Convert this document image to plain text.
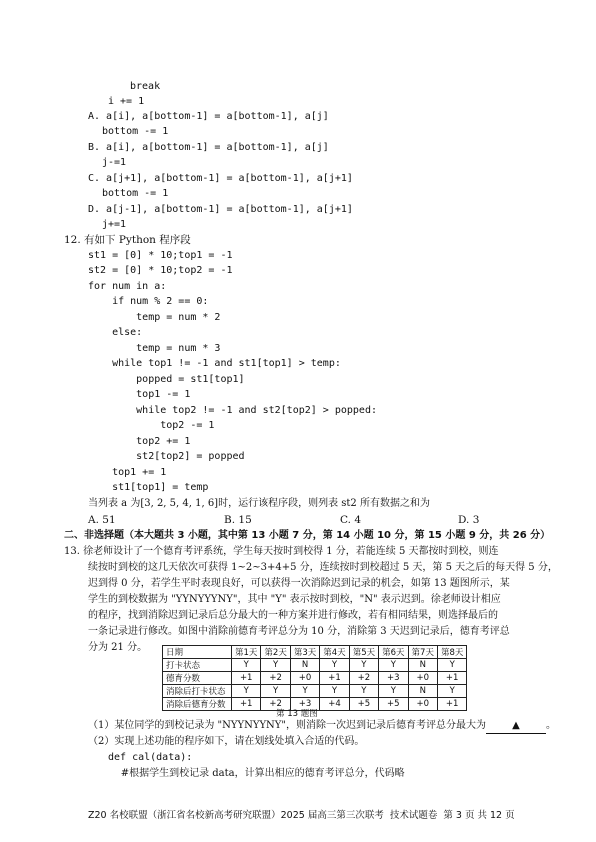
break
i += 1
A. a[i], a[bottom-1] = a[bottom-1], a[j]
bottom -= 1
B. a[i], a[bottom-1] = a[bottom-1], a[j]
j-=1
C. a[j+1], a[bottom-1] = a[bottom-1], a[j+1]
bottom -= 1
D. a[j-1], a[bottom-1] = a[bottom-1], a[j+1]
j+=1
12. 有如下 Python 程序段
st1 = [0] * 10;top1 = -1
st2 = [0] * 10;top2 = -1
for num in a:
if num % 2 == 0:
temp = num * 2
else:
temp = num * 3
while top1 != -1 and st1[top1] > temp:
popped = st1[top1]
top1 -= 1
while top2 != -1 and st2[top2] > popped:
top2 -= 1
top2 += 1
st2[top2] = popped
top1 += 1
st1[top1] = temp
当列表 a 为[3, 2, 5, 4, 1, 6]时，运行该程序段，则列表 st2 所有数据之和为
A. 51	B. 15	C. 4	D. 3
二、非选择题（本大题共 3 小题，其中第 13 小题 7 分，第 14 小题 10 分，第 15 小题 9 分，共 26 分）
13. 徐老师设计了一个德育考评系统，学生每天按时到校得 1 分，若能连续 5 天都按时到校，则连
续按时到校的这几天依次可获得 1~2~3+4+5 分，连续按时到校超过 5 天，第 5 天之后的每天得 5 分，
迟到得 0 分，若学生平时表现良好，可以获得一次消除迟到记录的机会，如第 13 题图所示，某
学生的到校数据为 "YYNYYYNY"，其中 "Y" 表示按时到校，"N" 表示迟到。徐老师设计相应
的程序，找到消除迟到记录后总分最大的一种方案并进行修改，若有相同结果，则选择最后的
一条记录进行修改。如图中消除前德育考评总分为 10 分，消除第 3 天迟到记录后，德育考评总
分为 21 分。 日期	第1天	第2天	第3天	第4天	第5天	第6天	第7天	第8天
打卡状态	Y	Y	N	Y	Y	Y	N	Y
德育分数	+1	+2	+0	+1	+2	+3	+0	+1
消除后打卡状态	Y	Y	Y	Y	Y	Y	N	Y
消除后德育分数	+1	+2	+3	+4	+5	+5	+0	+1
第 13 题图
（1）某位同学的到校记录为 "NYYNYYNY"，则消除一次迟到记录后德育考评总分最大为	▲	。
（2）实现上述功能的程序如下，请在划线处填入合适的代码。
def cal(data):
#根据学生到校记录 data，计算出相应的德育考评总分，代码略
Z20 名校联盟（浙江省名校新高考研究联盟）2025 届高三第三次联考  技术试题卷  第 3 页 共 12 页
